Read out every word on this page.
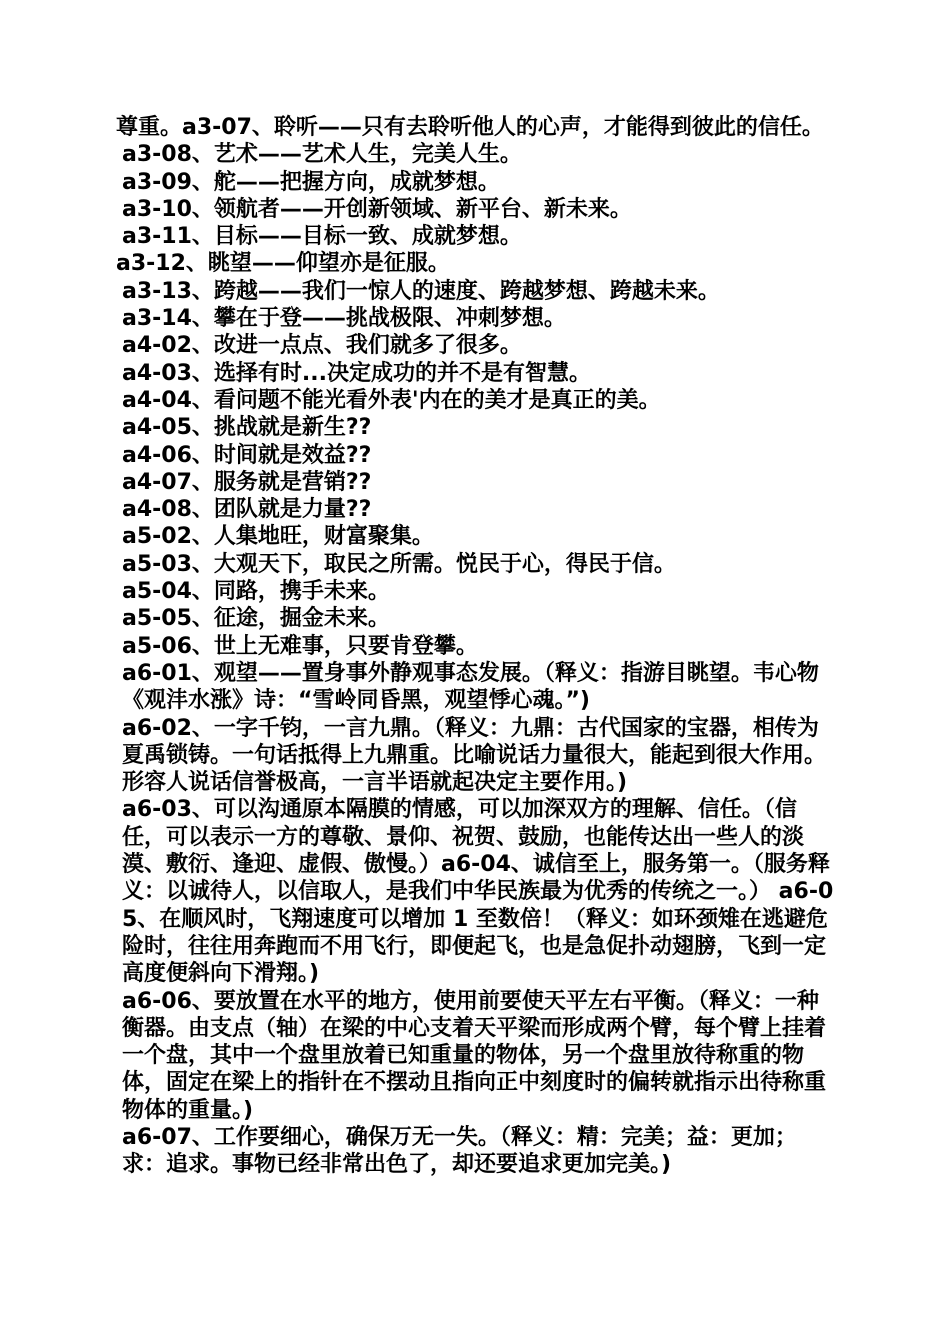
尊重。a3-07、聆听——只有去聆听他人的心声，才能得到彼此的信任。

a3-08、艺术——艺术人生，完美人生。

a3-09、舵——把握方向，成就梦想。

a3-10、领航者——开创新领域、新平台、新未来。

a3-11、目标——目标一致、成就梦想。

a3-12、眺望——仰望亦是征服。

a3-13、跨越——我们一惊人的速度、跨越梦想、跨越未来。

a3-14、攀在于登——挑战极限、冲刺梦想。

a4-02、改进一点点、我们就多了很多。

a4-03、选择有时...决定成功的并不是有智慧。

a4-04、看问题不能光看外表'内在的美才是真正的美。

a4-05、挑战就是新生??

a4-06、时间就是效益??

a4-07、服务就是营销??

a4-08、团队就是力量??

a5-02、人集地旺，财富聚集。

a5-03、大观天下，取民之所需。悦民于心，得民于信。

a5-04、同路，携手未来。

a5-05、征途，掘金未来。

a5-06、世上无难事，只要肯登攀。

a6-01、观望——置身事外静观事态发展。（释义：指游目眺望。韦心物《观沣水涨》诗：“雪岭同昏黑，观望悸心魂。”)

a6-02、一字千钧，一言九鼎。（释义：九鼎：古代国家的宝器，相传为夏禹锁铸。一句话抵得上九鼎重。比喻说话力量很大，能起到很大作用。形容人说话信誉极高，一言半语就起决定主要作用。)

a6-03、可以沟通原本隔膜的情感，可以加深双方的理解、信任。（信任，可以表示一方的尊敬、景仰、祝贺、鼓励，也能传达出一些人的淡漠、敷衍、逢迎、虚假、傲慢。）a6-04、诚信至上，服务第一。（服务释义：以诚待人，以信取人，是我们中华民族最为优秀的传统之一。） a6-05、在顺风时，飞翔速度可以增加 1 至数倍！（释义：如环颈雉在逃避危险时，往往用奔跑而不用飞行，即便起飞，也是急促扑动翅膀，飞到一定高度便斜向下滑翔。)

a6-06、要放置在水平的地方，使用前要使天平左右平衡。（释义：一种衡器。由支点（轴）在梁的中心支着天平梁而形成两个臂，每个臂上挂着一个盘，其中一个盘里放着已知重量的物体，另一个盘里放待称重的物体，固定在梁上的指针在不摆动且指向正中刻度时的偏转就指示出待称重物体的重量。)

a6-07、工作要细心，确保万无一失。（释义：精：完美；益：更加；求：追求。事物已经非常出色了，却还要追求更加完美。)
